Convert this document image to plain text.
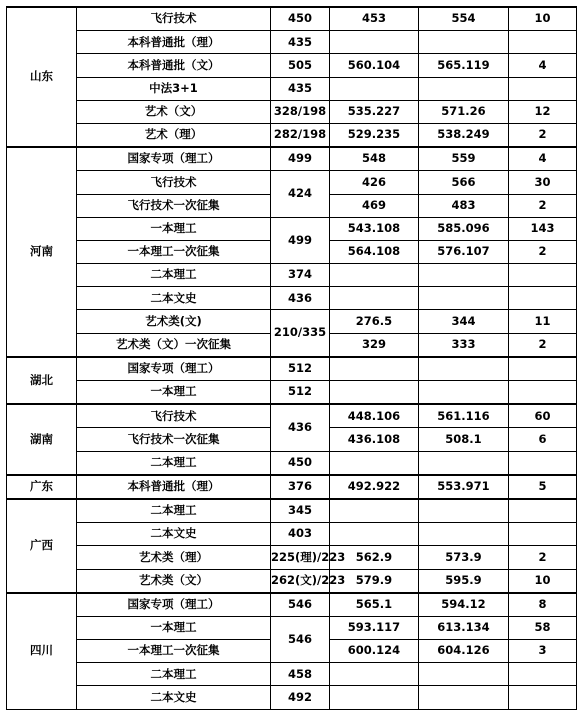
山东	飞行技术	450	453	554	10
	本科普通批（理）	435			
	本科普通批（文）	505	560.104	565.119	4
	中法3+1	435			
	艺术（文）	328/198	535.227	571.26	12
	艺术（理）	282/198	529.235	538.249	2
河南	国家专项（理工）	499	548	559	4
	飞行技术	424	426	566	30
	飞行技术一次征集		469	483	2
	一本理工	499	543.108	585.096	143
	一本理工一次征集		564.108	576.107	2
	二本理工	374			
	二本文史	436			
	艺术类(文)	210/335	276.5	344	11
	艺术类（文）一次征集		329	333	2
湖北	国家专项（理工）	512			
	一本理工	512			
湖南	飞行技术	436	448.106	561.116	60
	飞行技术一次征集		436.108	508.1	6
	二本理工	450			
广东	本科普通批（理）	376	492.922	553.971	5
广西	二本理工	345			
	二本文史	403			
	艺术类（理）	225(理)/223	562.9	573.9	2
	艺术类（文）	262(文)/223	579.9	595.9	10
四川	国家专项（理工）	546	565.1	594.12	8
	一本理工	546	593.117	613.134	58
	一本理工一次征集		600.124	604.126	3
	二本理工	458			
	二本文史	492			
